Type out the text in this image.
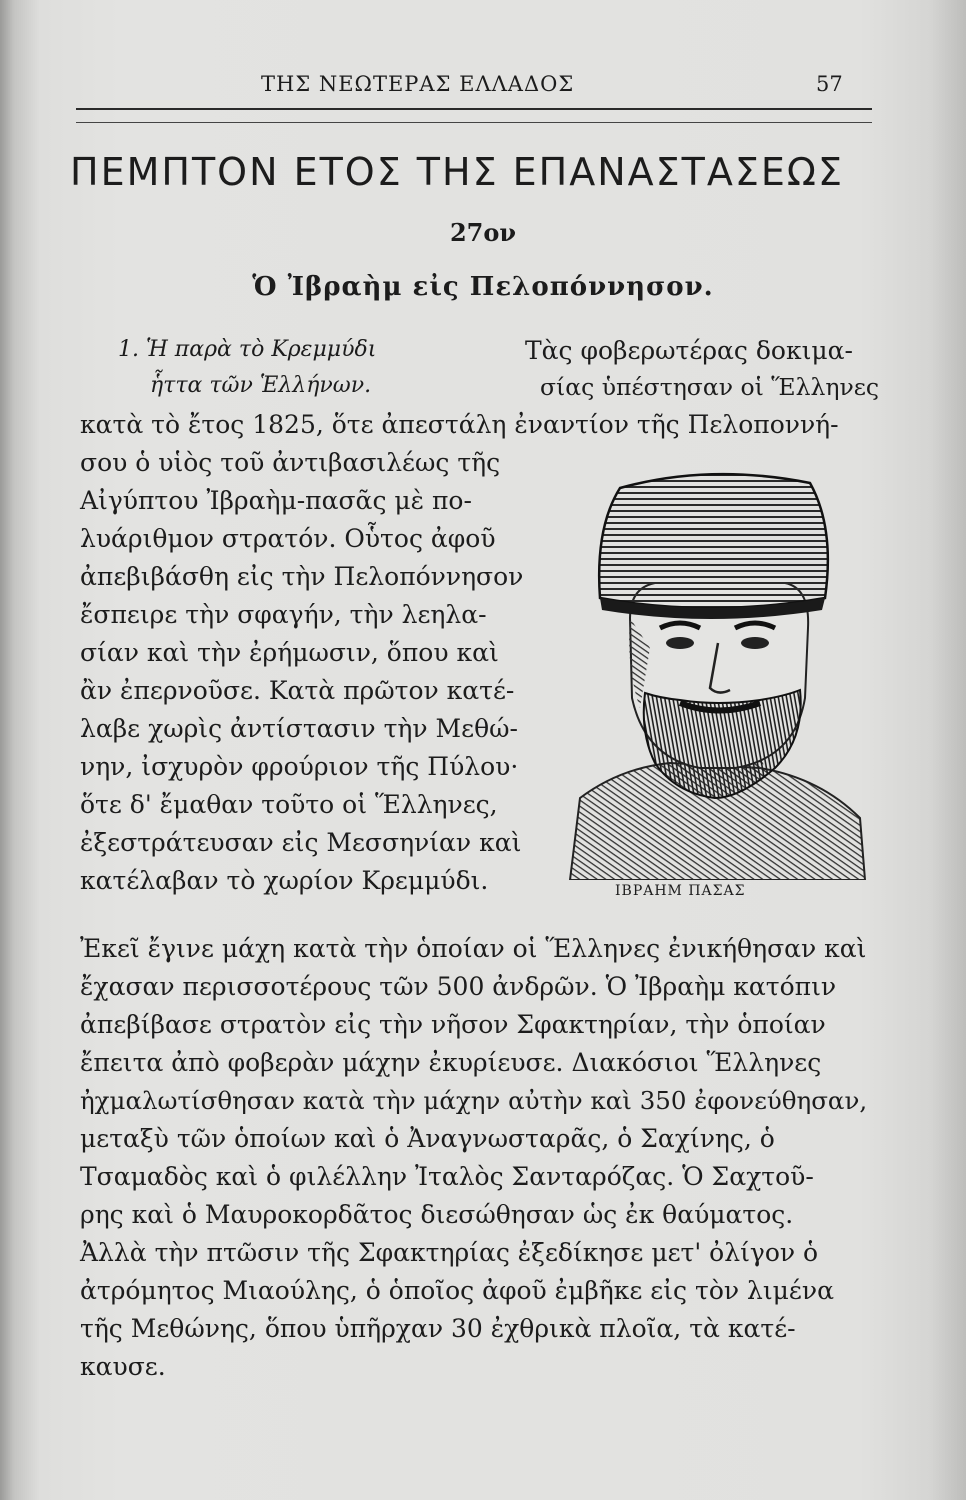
ΤΗΣ ΝΕΩΤΕΡΑΣ ΕΛΛΑΔΟΣ	57
ΠΕΜΠΤΟΝ ΕΤΟΣ ΤΗΣ ΕΠΑΝΑΣΤΑΣΕΩΣ
27ον
Ὁ Ἰβραὴμ εἰς Πελοπόννησον.
1. Ἡ παρὰ τὸ Κρεμμύδι
ἧττα τῶν Ἑλλήνων.
Τὰς φοβερωτέρας δοκιμα-
σίας ὑπέστησαν οἱ Ἕλληνες
κατὰ τὸ ἔτος 1825, ὅτε ἀπεστάλη ἐναντίον τῆς Πελοποννή-
σου ὁ υἱὸς τοῦ ἀντιβασιλέως τῆς
Αἰγύπτου Ἰβραὴμ-πασᾶς μὲ πο-
λυάριθμον στρατόν. Οὗτος ἀφοῦ
ἀπεβιβάσθη εἰς τὴν Πελοπόννησον
ἔσπειρε τὴν σφαγήν, τὴν λεηλα-
σίαν καὶ τὴν ἐρήμωσιν, ὅπου καὶ
ἂν ἐπερνοῦσε. Κατὰ πρῶτον κατέ-
λαβε χωρὶς ἀντίστασιν τὴν Μεθώ-
νην, ἰσχυρὸν φρούριον τῆς Πύλου·
ὅτε δ' ἔμαθαν τοῦτο οἱ Ἕλληνες,
ἐξεστράτευσαν εἰς Μεσσηνίαν καὶ
κατέλαβαν τὸ χωρίον Κρεμμύδι.	ΙΒΡΑΗΜ ΠΑΣΑΣ
Ἐκεῖ ἔγινε μάχη κατὰ τὴν ὁποίαν οἱ Ἕλληνες ἐνικήθησαν καὶ
ἔχασαν περισσοτέρους τῶν 500 ἀνδρῶν. Ὁ Ἰβραὴμ κατόπιν
ἀπεβίβασε στρατὸν εἰς τὴν νῆσον Σφακτηρίαν, τὴν ὁποίαν
ἔπειτα ἀπὸ φοβερὰν μάχην ἐκυρίευσε. Διακόσιοι Ἕλληνες
ἠχμαλωτίσθησαν κατὰ τὴν μάχην αὐτὴν καὶ 350 ἐφονεύθησαν,
μεταξὺ τῶν ὁποίων καὶ ὁ Ἀναγνωσταρᾶς, ὁ Σαχίνης, ὁ
Τσαμαδὸς καὶ ὁ φιλέλλην Ἰταλὸς Σανταρόζας. Ὁ Σαχτοῦ-
ρης καὶ ὁ Μαυροκορδᾶτος διεσώθησαν ὡς ἐκ θαύματος.
Ἀλλὰ τὴν πτῶσιν τῆς Σφακτηρίας ἐξεδίκησε μετ' ὀλίγον ὁ
ἀτρόμητος Μιαούλης, ὁ ὁποῖος ἀφοῦ ἐμβῆκε εἰς τὸν λιμένα
τῆς Μεθώνης, ὅπου ὑπῆρχαν 30 ἐχθρικὰ πλοῖα, τὰ κατέ-
καυσε.
